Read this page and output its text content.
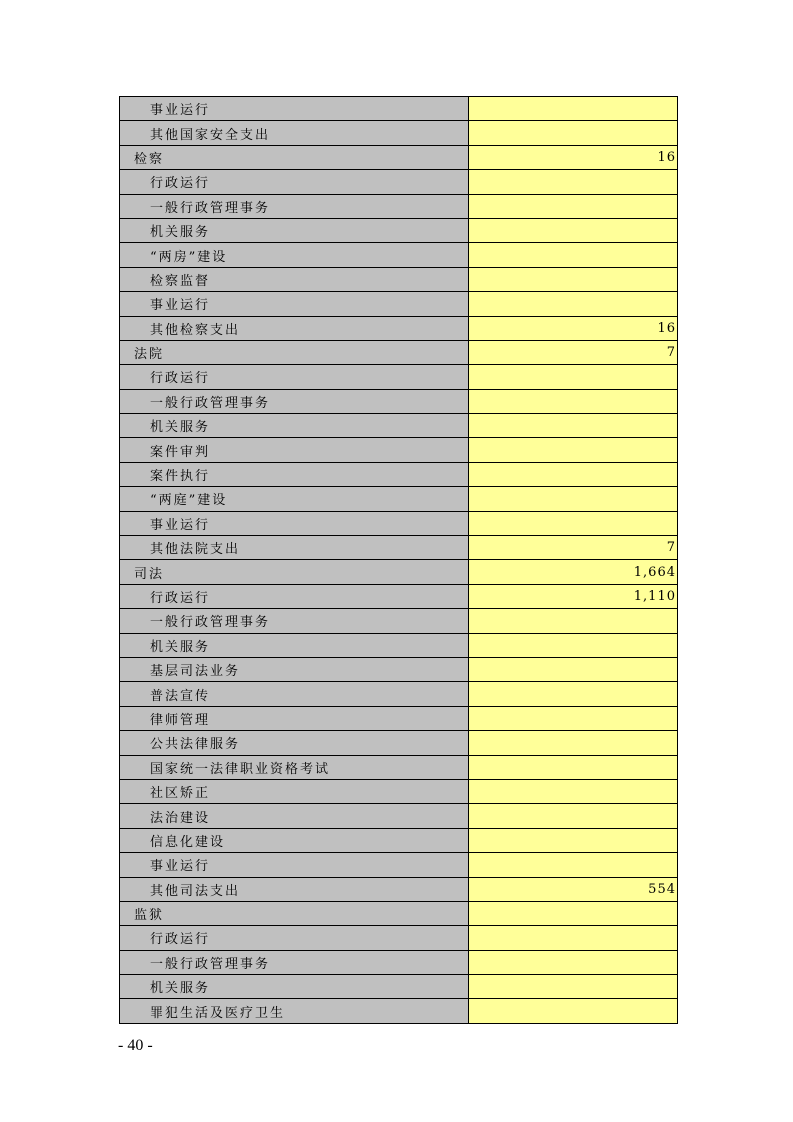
事业运行
其他国家安全支出
检察	16
行政运行
一般行政管理事务
机关服务
“两房”建设
检察监督
事业运行
其他检察支出	16
法院	7
行政运行
一般行政管理事务
机关服务
案件审判
案件执行
“两庭”建设
事业运行
其他法院支出	7
司法	1,664
行政运行	1,110
一般行政管理事务
机关服务
基层司法业务
普法宣传
律师管理
公共法律服务
国家统一法律职业资格考试
社区矫正
法治建设
信息化建设
事业运行
其他司法支出	554
监狱
行政运行
一般行政管理事务
机关服务
罪犯生活及医疗卫生
- 40 -
